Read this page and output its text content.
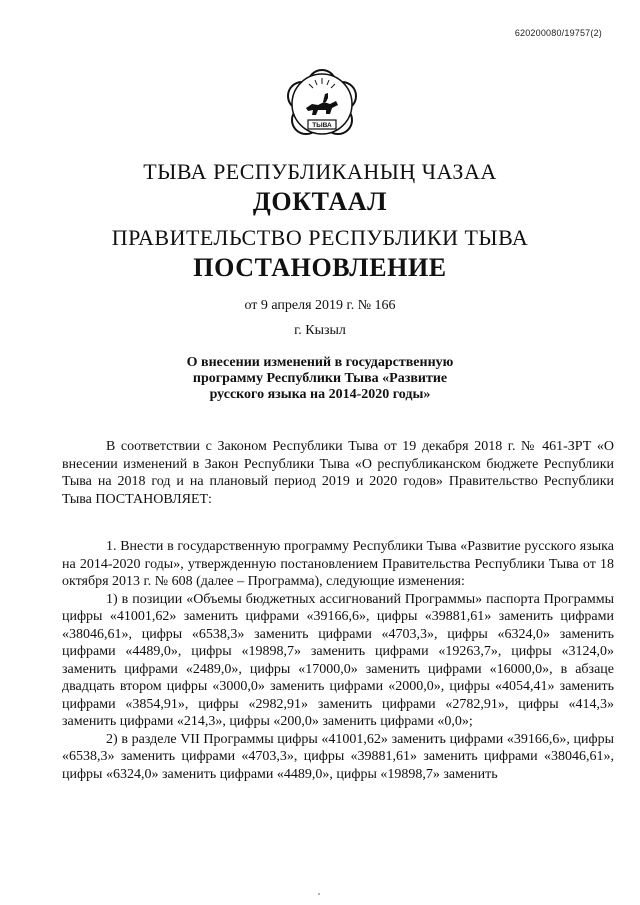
620200080/19757(2)
ТЫВА
ТЫВА РЕСПУБЛИКАНЫҢ ЧАЗАА
ДОКТААЛ
ПРАВИТЕЛЬСТВО РЕСПУБЛИКИ ТЫВА
ПОСТАНОВЛЕНИЕ
от 9 апреля 2019 г. № 166
г. Кызыл
О внесении изменений в государственную программу Республики Тыва «Развитие русского языка на 2014-2020 годы»

В соответствии с Законом Республики Тыва от 19 декабря 2018 г. № 461-ЗРТ «О внесении изменений в Закон Республики Тыва «О республиканском бюджете Республики Тыва на 2018 год и на плановый период 2019 и 2020 годов» Правительство Республики Тыва ПОСТАНОВЛЯЕТ:

1. Внести в государственную программу Республики Тыва «Развитие русского языка на 2014-2020 годы», утвержденную постановлением Правительства Республики Тыва от 18 октября 2013 г. № 608 (далее – Программа), следующие изменения:

1) в позиции «Объемы бюджетных ассигнований Программы» паспорта Программы цифры «41001,62» заменить цифрами «39166,6», цифры «39881,61» заменить цифрами «38046,61», цифры «6538,3» заменить цифрами «4703,3», цифры «6324,0» заменить цифрами «4489,0», цифры «19898,7» заменить цифрами «19263,7», цифры «3124,0» заменить цифрами «2489,0», цифры «17000,0» заменить цифрами «16000,0», в абзаце двадцать втором цифры «3000,0» заменить цифрами «2000,0», цифры «4054,41» заменить цифрами «3854,91», цифры «2982,91» заменить цифрами «2782,91», цифры «414,3» заменить цифрами «214,3», цифры «200,0» заменить цифрами «0,0»;

2) в разделе VII Программы цифры «41001,62» заменить цифрами «39166,6», цифры «6538,3» заменить цифрами «4703,3», цифры «39881,61» заменить цифрами «38046,61», цифры «6324,0» заменить цифрами «4489,0», цифры «19898,7» заменить
